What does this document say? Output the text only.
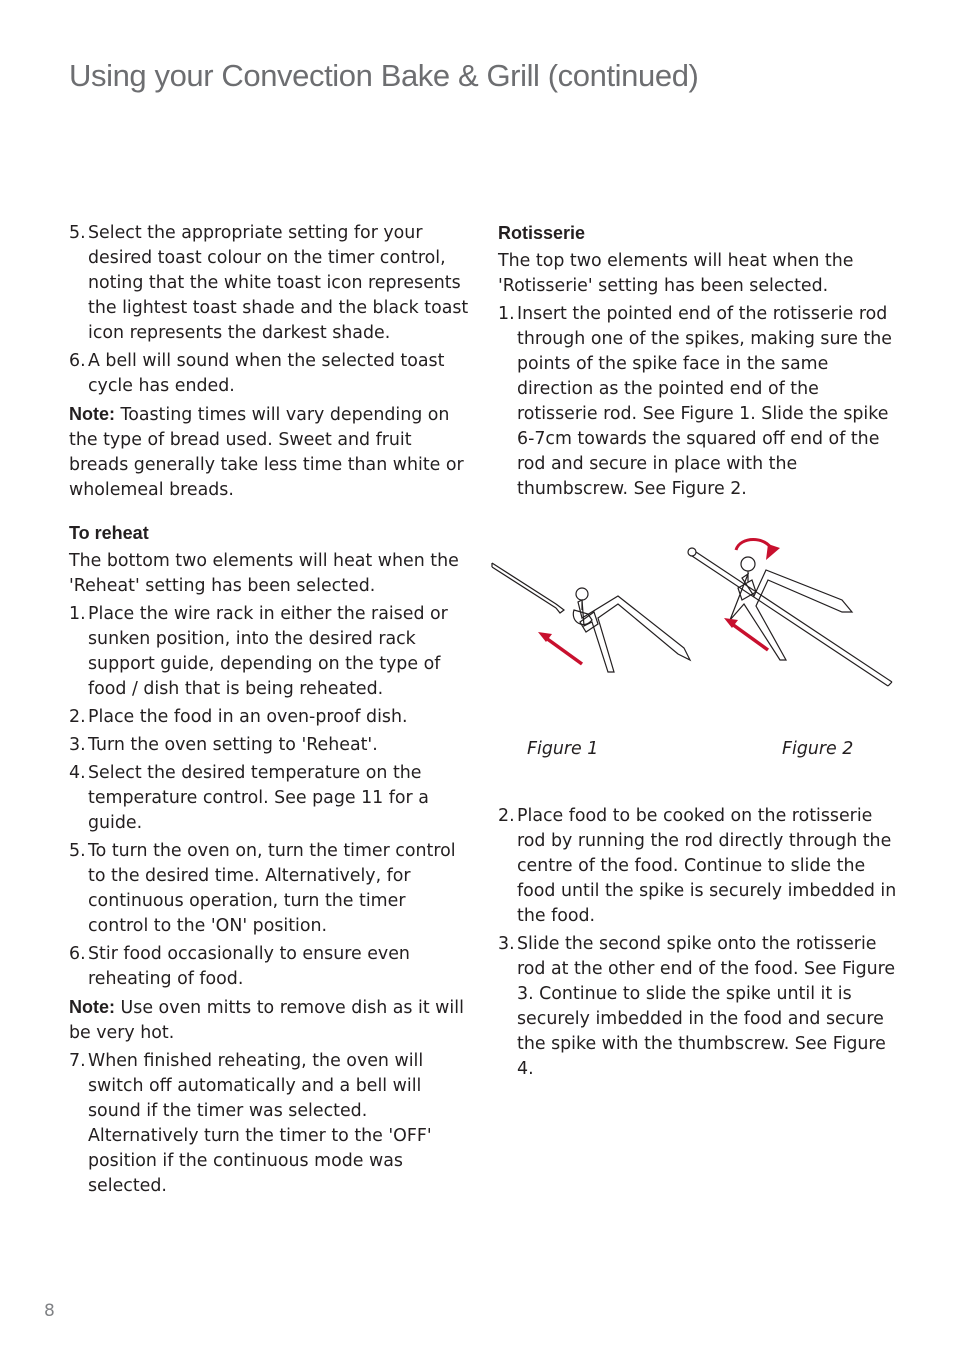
Using your Convection Bake & Grill (continued)
5. Select the appropriate setting for your desired toast colour on the timer control, noting that the white toast icon represents the lightest toast shade and the black toast icon represents the darkest shade.
6. A bell will sound when the selected toast cycle has ended.

Note: Toasting times will vary depending on the type of bread used. Sweet and fruit breads generally take less time than white or wholemeal breads.

To reheat

The bottom two elements will heat when the 'Reheat' setting has been selected.

1. Place the wire rack in either the raised or sunken position, into the desired rack support guide, depending on the type of food / dish that is being reheated.
2. Place the food in an oven-proof dish.
3. Turn the oven setting to 'Reheat'.
4. Select the desired temperature on the temperature control. See page 11 for a guide.
5. To turn the oven on, turn the timer control to the desired time. Alternatively, for continuous operation, turn the timer control to the 'ON' position.
6. Stir food occasionally to ensure even reheating of food.

Note: Use oven mitts to remove dish as it will be very hot.

7. When finished reheating, the oven will switch off automatically and a bell will sound if the timer was selected. Alternatively turn the timer to the 'OFF' position if the continuous mode was selected.

Rotisserie

The top two elements will heat when the 'Rotisserie' setting has been selected.

1. Insert the pointed end of the rotisserie rod through one of the spikes, making sure the points of the spike face in the same direction as the pointed end of the rotisserie rod. See Figure 1. Slide the spike 6-7cm towards the squared off end of the rod and secure in place with the thumbscrew. See Figure 2.
Figure 1	Figure 2
2. Place food to be cooked on the rotisserie rod by running the rod directly through the centre of the food. Continue to slide the food until the spike is securely imbedded in the food.
3. Slide the second spike onto the rotisserie rod at the other end of the food. See Figure 3. Continue to slide the spike until it is securely imbedded in the food and secure the spike with the thumbscrew. See Figure 4.
8
